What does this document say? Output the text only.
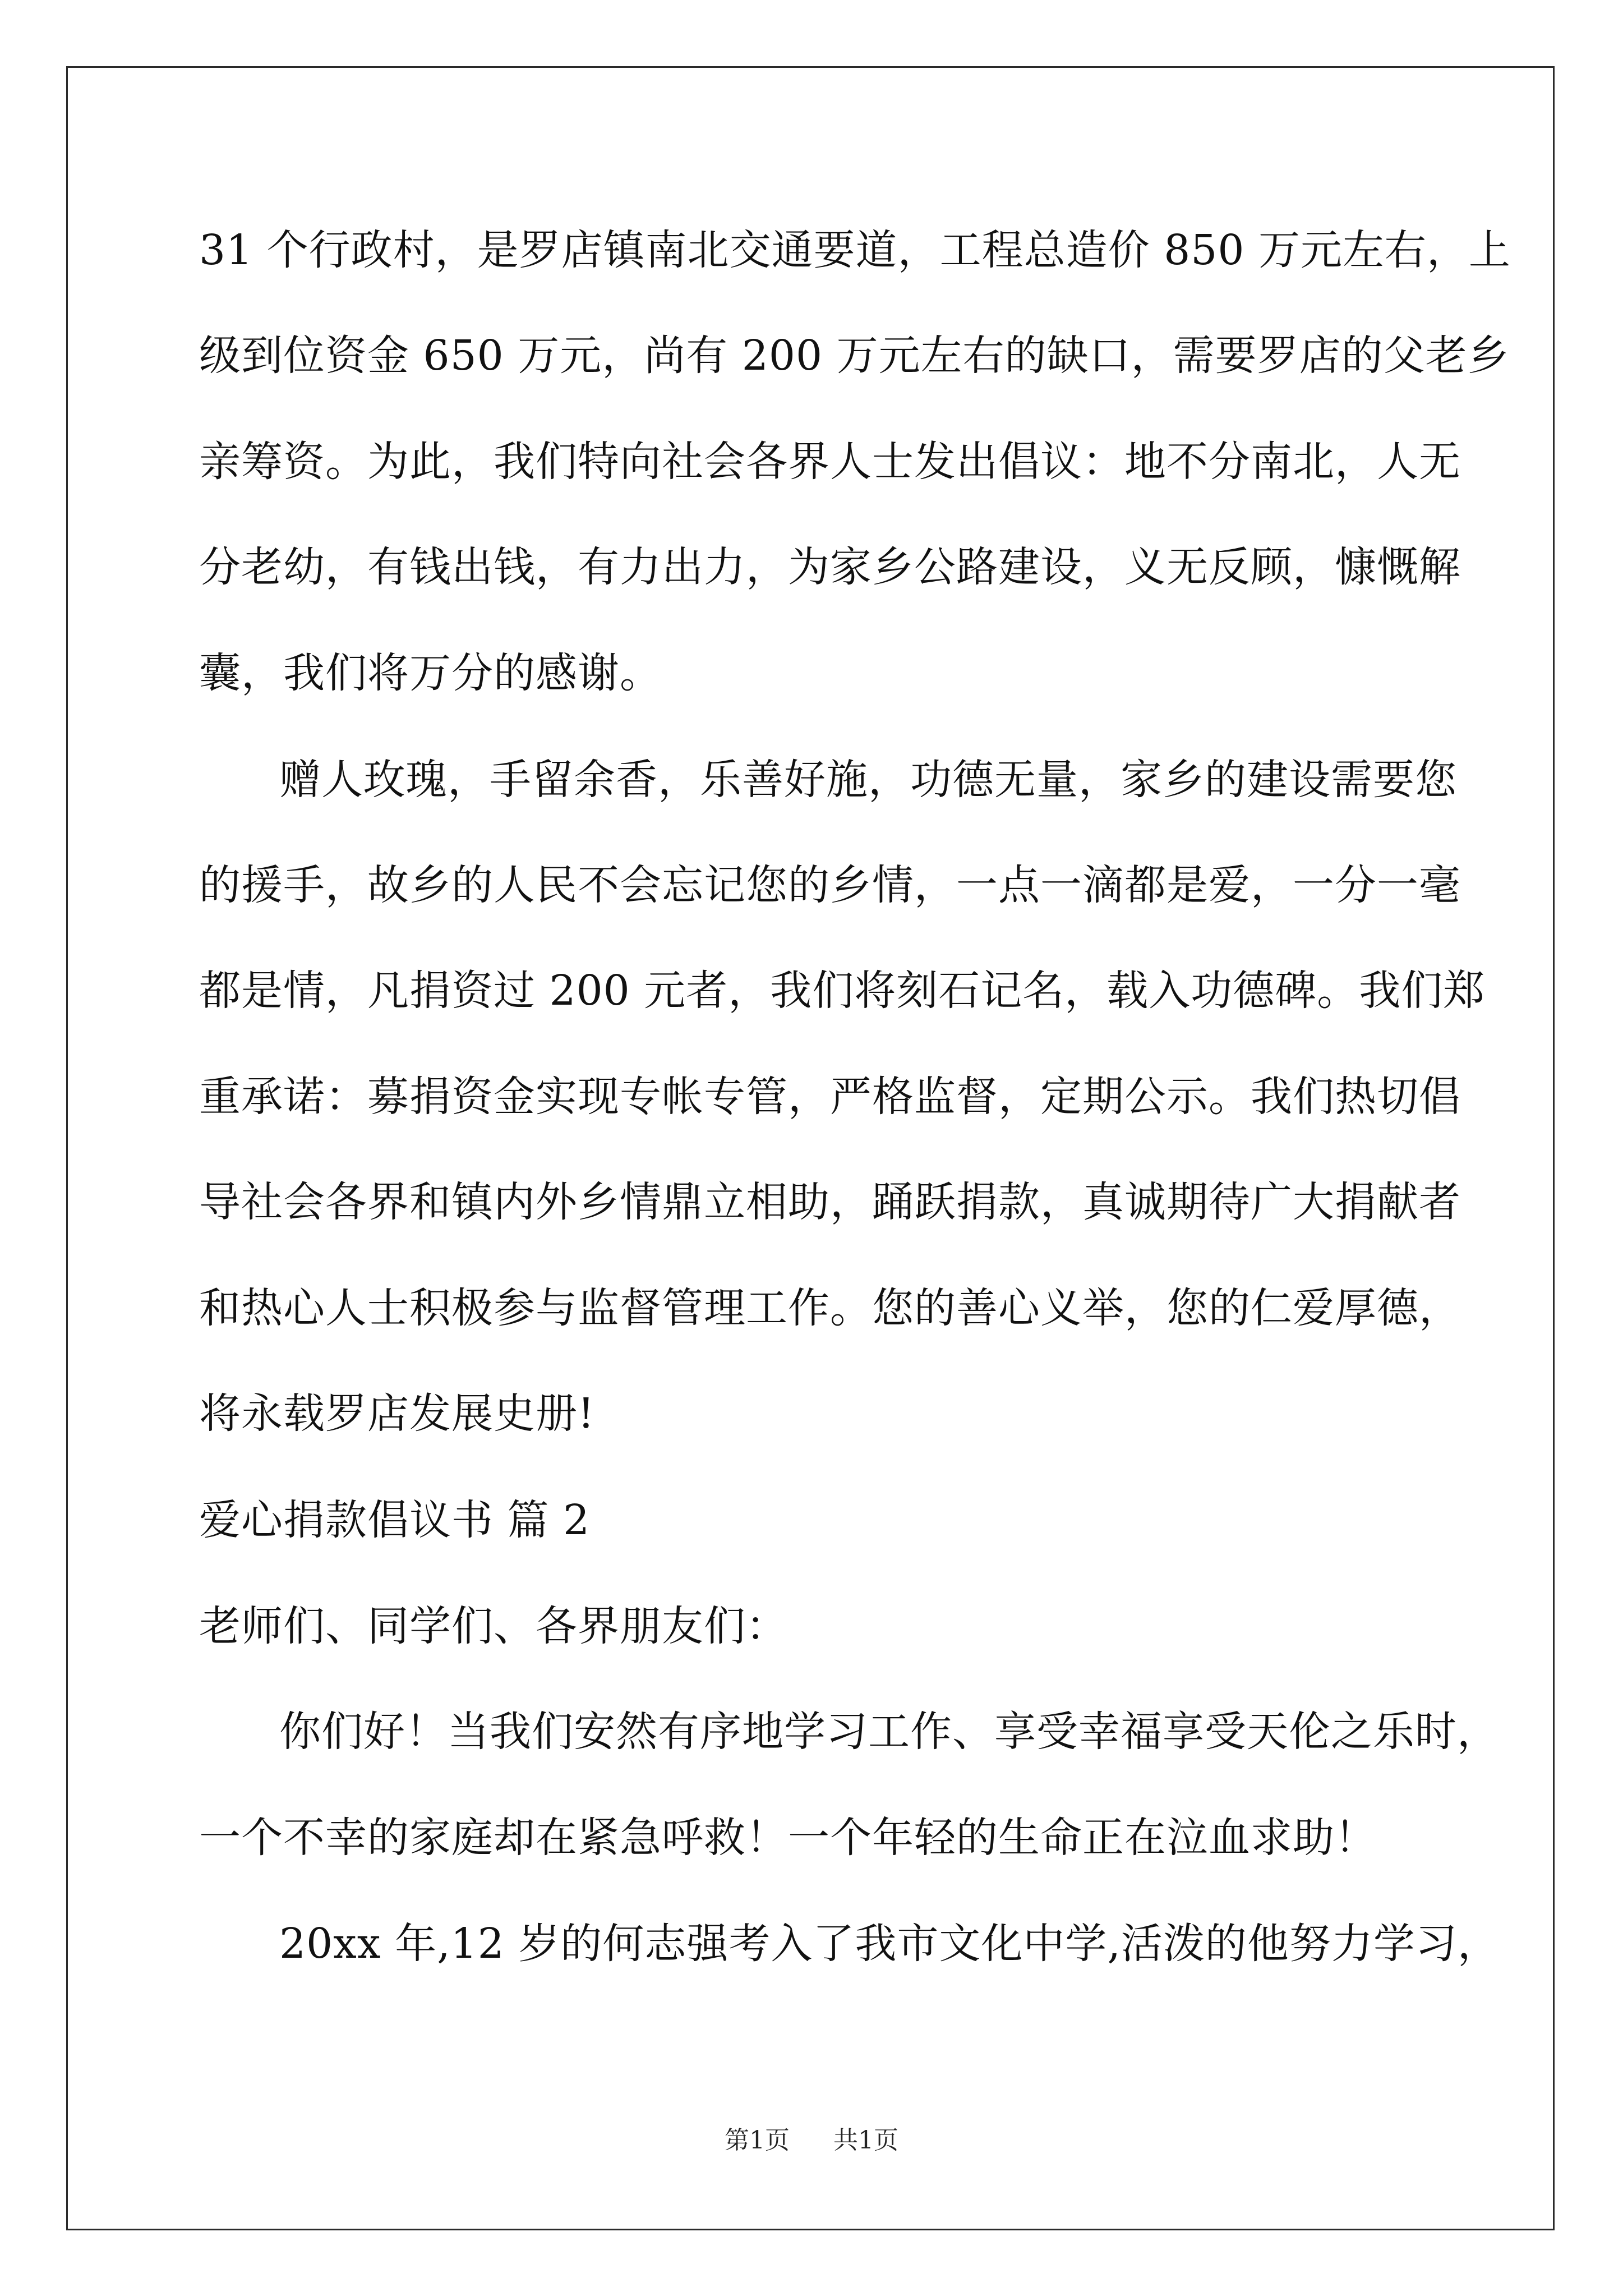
31 个行政村，是罗店镇南北交通要道，工程总造价 850 万元左右，上

级到位资金 650 万元，尚有 200 万元左右的缺口，需要罗店的父老乡

亲筹资。为此，我们特向社会各界人士发出倡议：地不分南北，人无

分老幼，有钱出钱，有力出力，为家乡公路建设，义无反顾，慷慨解

囊，我们将万分的感谢。

赠人玫瑰，手留余香，乐善好施，功德无量，家乡的建设需要您

的援手，故乡的人民不会忘记您的乡情，一点一滴都是爱，一分一毫

都是情，凡捐资过 200 元者，我们将刻石记名，载入功德碑。我们郑

重承诺：募捐资金实现专帐专管，严格监督，定期公示。我们热切倡

导社会各界和镇内外乡情鼎立相助，踊跃捐款，真诚期待广大捐献者

和热心人士积极参与监督管理工作。您的善心义举，您的仁爱厚德，

将永载罗店发展史册!

爱心捐款倡议书 篇 2

老师们、同学们、各界朋友们：

你们好！当我们安然有序地学习工作、享受幸福享受天伦之乐时，

一个不幸的家庭却在紧急呼救！一个年轻的生命正在泣血求助！

20xx 年,12 岁的何志强考入了我市文化中学,活泼的他努力学习，

第1页 共1页
